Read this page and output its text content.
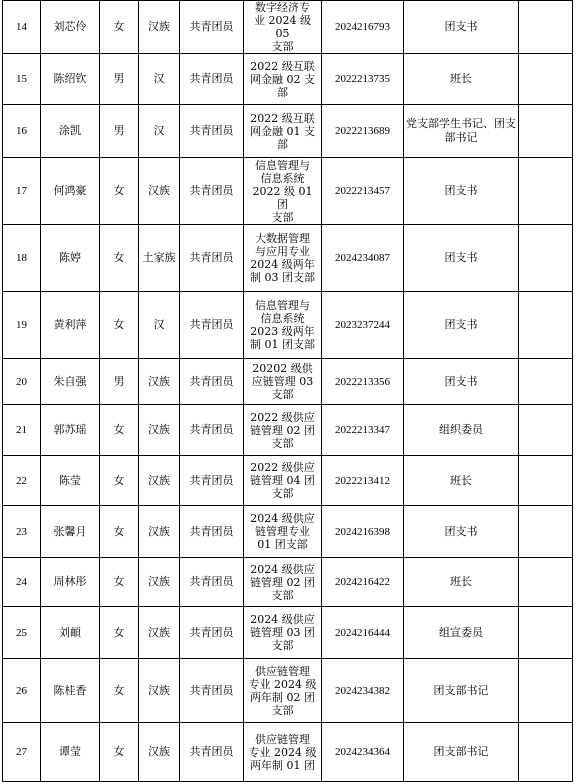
14	刘芯伶	女	汉族	共青团员	数字经济专
业 2024 级 05
支部	2024216793	团支书	
15	陈绍钦	男	汉	共青团员	2022 级互联
网金融 02 支
部	2022213735	班长	
16	涂凯	男	汉	共青团员	2022 级互联
网金融 01 支
部	2022213689	党支部学生书记、团支部书记	
17	何鸿豪	女	汉族	共青团员	信息管理与
信息系统
2022 级 01 团
支部	2022213457	团支书	
18	陈婷	女	土家族	共青团员	大数据管理
与应用专业
2024 级两年
制 03 团支部	2024234087	团支书	
19	黄利萍	女	汉	共青团员	信息管理与
信息系统
2023 级两年
制 01 团支部	2023237244	团支书	
20	朱自强	男	汉族	共青团员	20202 级供
应链管理 03
支部	2022213356	团支书	
21	郭苏瑶	女	汉族	共青团员	2022 级供应
链管理 02 团
支部	2022213347	组织委员	
22	陈莹	女	汉族	共青团员	2022 级供应
链管理 04 团
支部	2022213412	班长	
23	张馨月	女	汉族	共青团员	2024 级供应
链管理专业
01 团支部	2024216398	团支书	
24	周林彤	女	汉族	共青团员	2024 级供应
链管理 02 团
支部	2024216422	班长	
25	刘頔	女	汉族	共青团员	2024 级供应
链管理 03 团
支部	2024216444	组宣委员	
26	陈桂香	女	汉族	共青团员	供应链管理
专业 2024 级
两年制 02 团
支部	2024234382	团支部书记	
27	谭莹	女	汉族	共青团员	供应链管理
专业 2024 级
两年制 01 团	2024234364	团支部书记	
